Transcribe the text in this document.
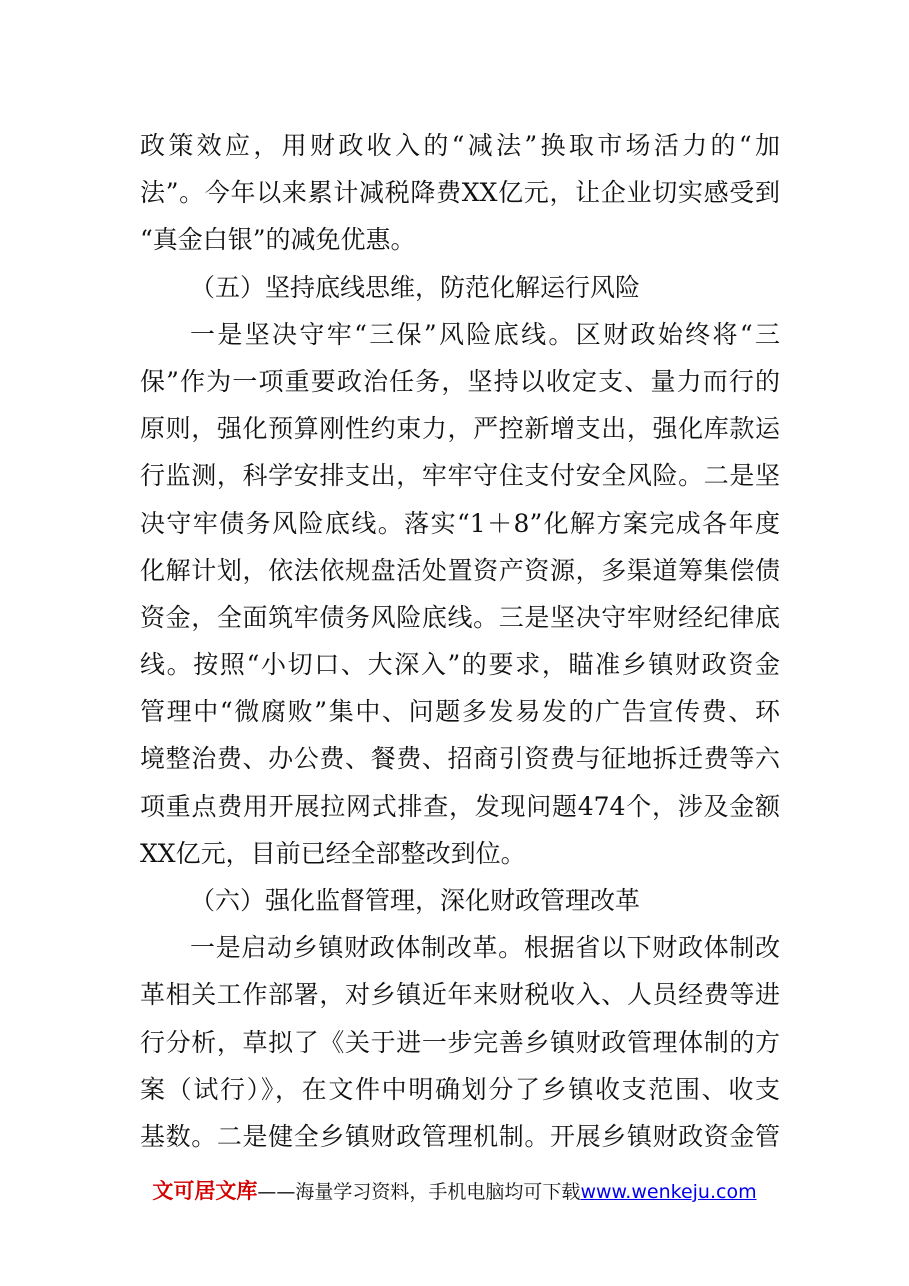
政策效应，用财政收入的“减法”换取市场活力的“加
法”。今年以来累计减税降费XX亿元，让企业切实感受到
“真金白银”的减免优惠。
（五）坚持底线思维，防范化解运行风险
一是坚决守牢“三保”风险底线。区财政始终将“三
保”作为一项重要政治任务，坚持以收定支、量力而行的
原则，强化预算刚性约束力，严控新增支出，强化库款运
行监测，科学安排支出，牢牢守住支付安全风险。二是坚
决守牢债务风险底线。落实“1＋8”化解方案完成各年度
化解计划，依法依规盘活处置资产资源，多渠道筹集偿债
资金，全面筑牢债务风险底线。三是坚决守牢财经纪律底
线。按照“小切口、大深入”的要求，瞄准乡镇财政资金
管理中“微腐败”集中、问题多发易发的广告宣传费、环
境整治费、办公费、餐费、招商引资费与征地拆迁费等六
项重点费用开展拉网式排查，发现问题474个，涉及金额
XX亿元，目前已经全部整改到位。
（六）强化监督管理，深化财政管理改革
一是启动乡镇财政体制改革。根据省以下财政体制改
革相关工作部署，对乡镇近年来财税收入、人员经费等进
行分析，草拟了《关于进一步完善乡镇财政管理体制的方
案（试行）》，在文件中明确划分了乡镇收支范围、收支
基数。二是健全乡镇财政管理机制。开展乡镇财政资金管
文可居文库——海量学习资料，手机电脑均可下载www.wenkeju.com
